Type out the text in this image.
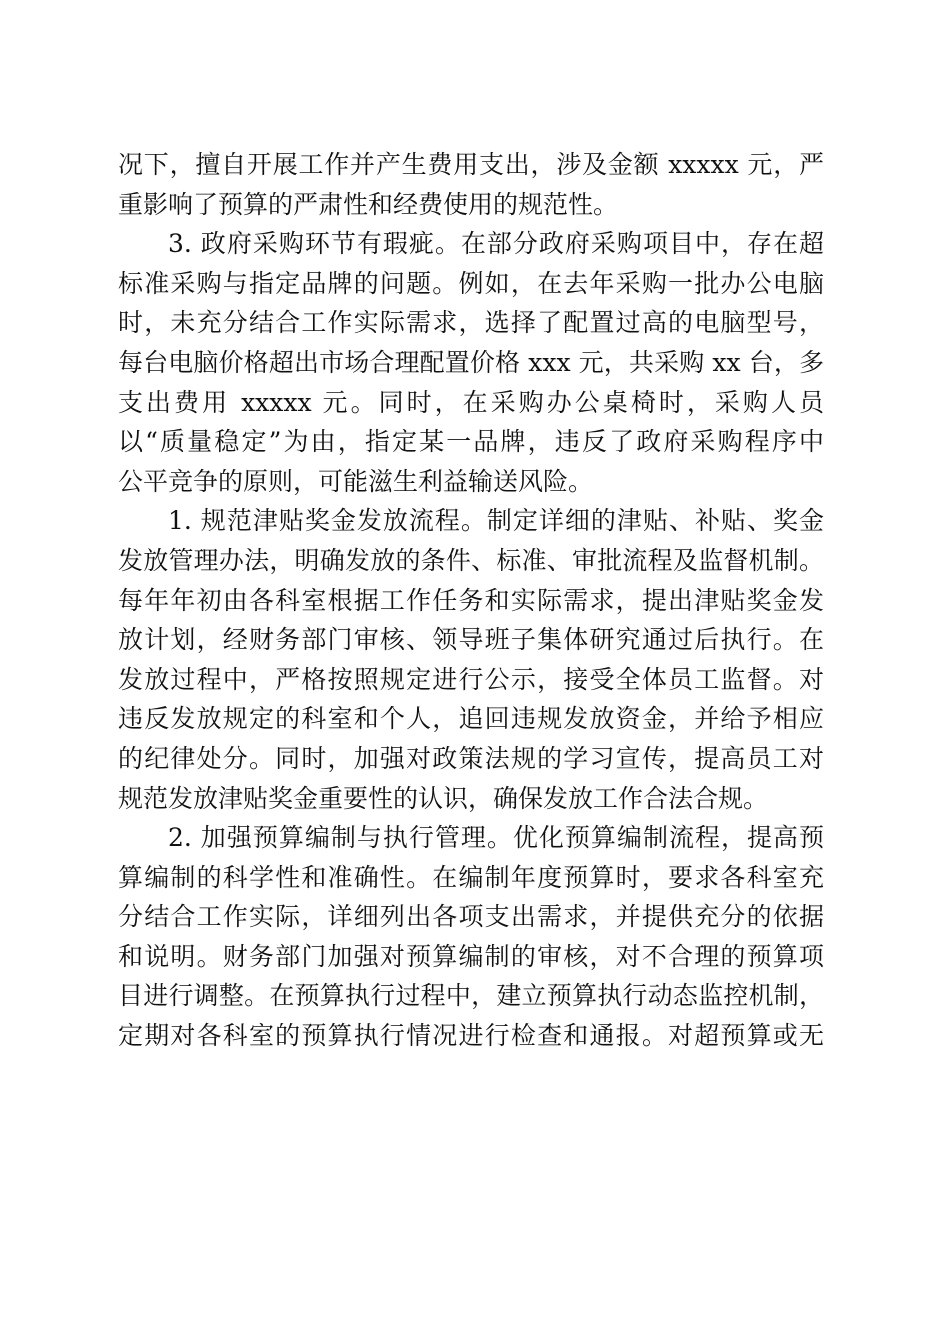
况下，擅自开展工作并产生费用支出，涉及金额 xxxxx 元，严
重影响了预算的严肃性和经费使用的规范性。
3. 政府采购环节有瑕疵。在部分政府采购项目中，存在超
标准采购与指定品牌的问题。例如，在去年采购一批办公电脑
时，未充分结合工作实际需求，选择了配置过高的电脑型号，
每台电脑价格超出市场合理配置价格 xxx 元，共采购 xx 台，多
支出费用 xxxxx 元。同时，在采购办公桌椅时，采购人员
以“质量稳定”为由，指定某一品牌，违反了政府采购程序中
公平竞争的原则，可能滋生利益输送风险。
1. 规范津贴奖金发放流程。制定详细的津贴、补贴、奖金
发放管理办法，明确发放的条件、标准、审批流程及监督机制。
每年年初由各科室根据工作任务和实际需求，提出津贴奖金发
放计划，经财务部门审核、领导班子集体研究通过后执行。在
发放过程中，严格按照规定进行公示，接受全体员工监督。对
违反发放规定的科室和个人，追回违规发放资金，并给予相应
的纪律处分。同时，加强对政策法规的学习宣传，提高员工对
规范发放津贴奖金重要性的认识，确保发放工作合法合规。
2. 加强预算编制与执行管理。优化预算编制流程，提高预
算编制的科学性和准确性。在编制年度预算时，要求各科室充
分结合工作实际，详细列出各项支出需求，并提供充分的依据
和说明。财务部门加强对预算编制的审核，对不合理的预算项
目进行调整。在预算执行过程中，建立预算执行动态监控机制，
定期对各科室的预算执行情况进行检查和通报。对超预算或无
